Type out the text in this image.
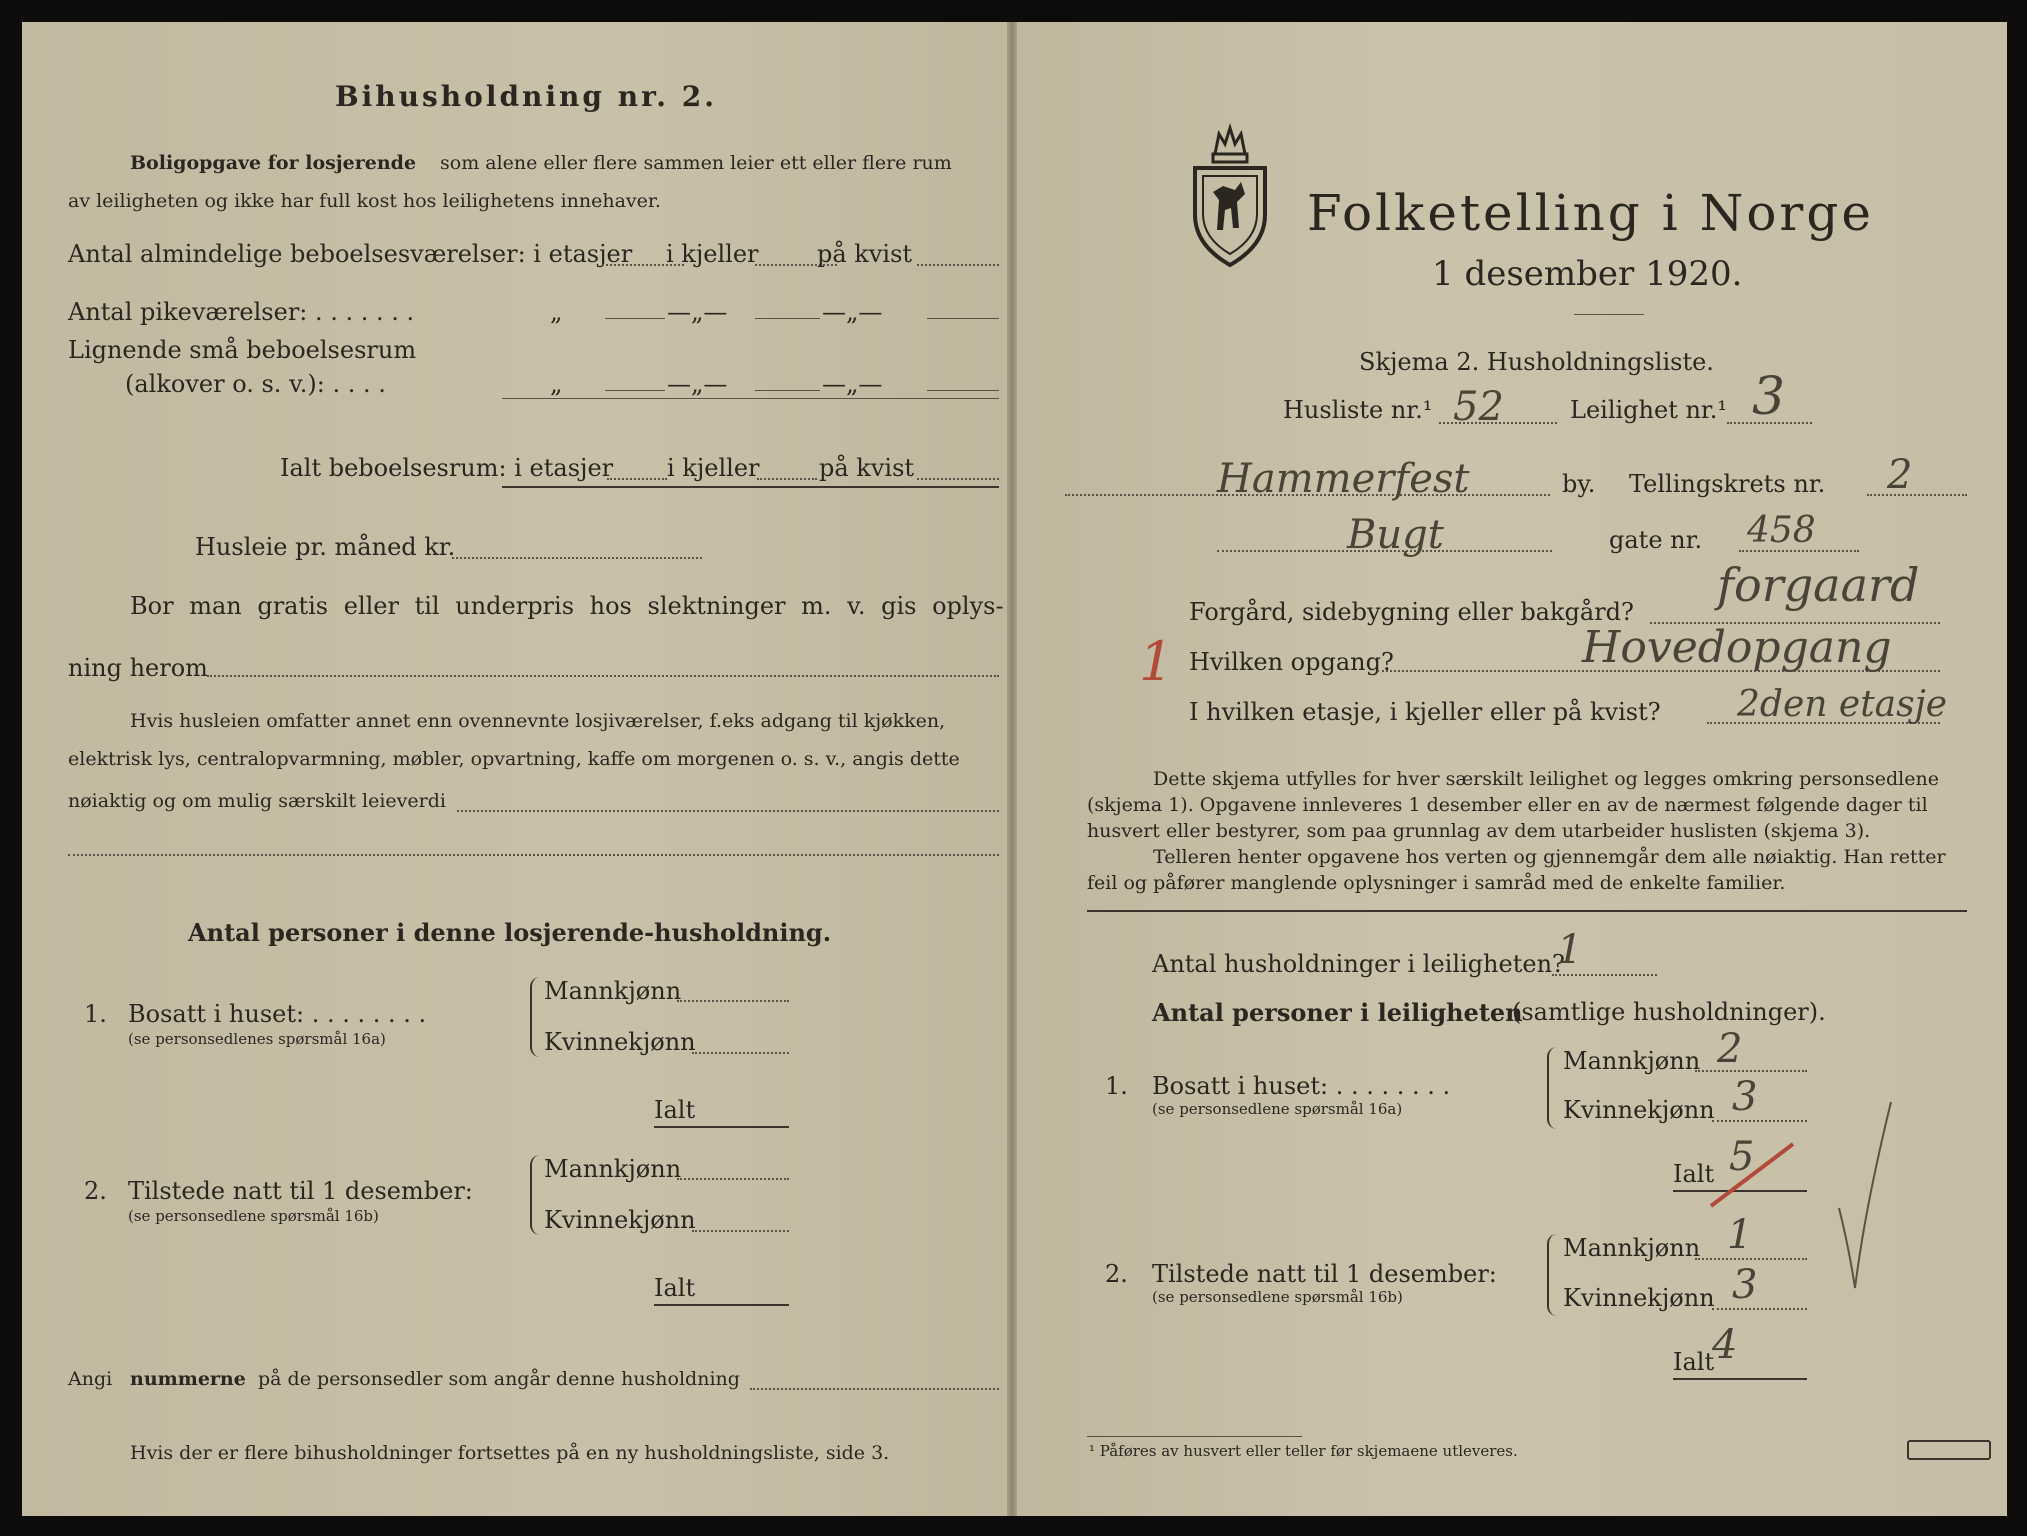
Bihusholdning nr. 2.
Boligopgave for losjerende som alene eller flere sammen leier ett eller flere rum
av leiligheten og ikke har full kost hos leilighetens innehaver.
Antal almindelige beboelsesværelser: i etasjer i kjeller på kvist
Antal pikeværelser: . . . . . . .	„	—„—	—„—
Lignende små beboelsesrum
(alkover o. s. v.): . . . .	„	—„—	—„—
Ialt beboelsesrum: i etasjer i kjeller på kvist
Husleie pr. måned kr.
Bor man gratis eller til underpris hos slektninger m. v. gis oplys-
ning herom
Hvis husleien omfatter annet enn ovennevnte losjiværelser, f.eks adgang til kjøkken,
elektrisk lys, centralopvarmning, møbler, opvartning, kaffe om morgenen o. s. v., angis dette
nøiaktig og om mulig særskilt leieverdi
Antal personer i denne losjerende-husholdning.
1. Bosatt i huset: . . . . . . . .
(se personsedlenes spørsmål 16a)
Mannkjønn
Kvinnekjønn
Ialt
2. Tilstede natt til 1 desember:
(se personsedlene spørsmål 16b)
Mannkjønn
Kvinnekjønn
Ialt
Angi nummerne på de personsedler som angår denne husholdning
Hvis der er flere bihusholdninger fortsettes på en ny husholdningsliste, side 3.
Folketelling i Norge
1 desember 1920.
Skjema 2. Husholdningsliste.
Husliste nr.¹ 52	Leilighet nr.¹ 3
Hammerfest	by. Tellingskrets nr. 2
Bugt	gate nr. 458
Forgård, sidebygning eller bakgård? forgaard
1 Hvilken opgang?	Hovedopgang
I hvilken etasje, i kjeller eller på kvist? 2den etasje
Dette skjema utfylles for hver særskilt leilighet og legges omkring personsedlene
(skjema 1). Opgavene innleveres 1 desember eller en av de nærmest følgende dager til
husvert eller bestyrer, som paa grunnlag av dem utarbeider huslisten (skjema 3).
Telleren henter opgavene hos verten og gjennemgår dem alle nøiaktig. Han retter
feil og påfører manglende oplysninger i samråd med de enkelte familier.
Antal husholdninger i leiligheten?
1
Antal personer i leiligheten
(samtlige husholdninger).
1. Bosatt i huset: . . . . . . . .
(se personsedlene spørsmål 16a)
Mannkjønn 2
Kvinnekjønn 3
Ialt 5
2. Tilstede natt til 1 desember:
(se personsedlene spørsmål 16b)
Mannkjønn 1
Kvinnekjønn 3
Ialt
4
¹ Påføres av husvert eller teller før skjemaene utleveres.
